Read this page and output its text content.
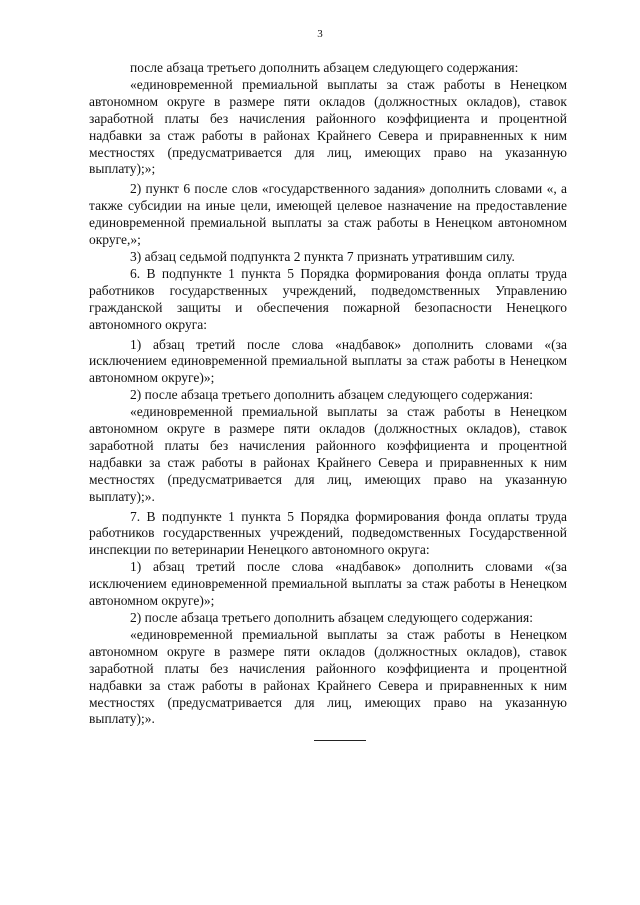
3

после абзаца третьего дополнить абзацем следующего содержания:

«единовременной премиальной выплаты за стаж работы в Ненецком автономном округе в размере пяти окладов (должностных окладов), ставок заработной платы без начисления районного коэффициента и процентной надбавки за стаж работы в районах Крайнего Севера и приравненных к ним местностях (предусматривается для лиц, имеющих право на указанную выплату);»;

2) пункт 6 после слов «государственного задания» дополнить словами «, а также субсидии на иные цели, имеющей целевое назначение на предоставление единовременной премиальной выплаты за стаж работы в Ненецком автономном округе,»;

3) абзац седьмой подпункта 2 пункта 7 признать утратившим силу.

6. В подпункте 1 пункта 5 Порядка формирования фонда оплаты труда работников государственных учреждений, подведомственных Управлению гражданской защиты и обеспечения пожарной безопасности Ненецкого автономного округа:

1) абзац третий после слова «надбавок» дополнить словами «(за исключением единовременной премиальной выплаты за стаж работы в Ненецком автономном округе)»;

2) после абзаца третьего дополнить абзацем следующего содержания:

«единовременной премиальной выплаты за стаж работы в Ненецком автономном округе в размере пяти окладов (должностных окладов), ставок заработной платы без начисления районного коэффициента и процентной надбавки за стаж работы в районах Крайнего Севера и приравненных к ним местностях (предусматривается для лиц, имеющих право на указанную выплату);».

7. В подпункте 1 пункта 5 Порядка формирования фонда оплаты труда работников государственных учреждений, подведомственных Государственной инспекции по ветеринарии Ненецкого автономного округа:

1) абзац третий после слова «надбавок» дополнить словами «(за исключением единовременной премиальной выплаты за стаж работы в Ненецком автономном округе)»;

2) после абзаца третьего дополнить абзацем следующего содержания:

«единовременной премиальной выплаты за стаж работы в Ненецком автономном округе в размере пяти окладов (должностных окладов), ставок заработной платы без начисления районного коэффициента и процентной надбавки за стаж работы в районах Крайнего Севера и приравненных к ним местностях (предусматривается для лиц, имеющих право на указанную выплату);».
